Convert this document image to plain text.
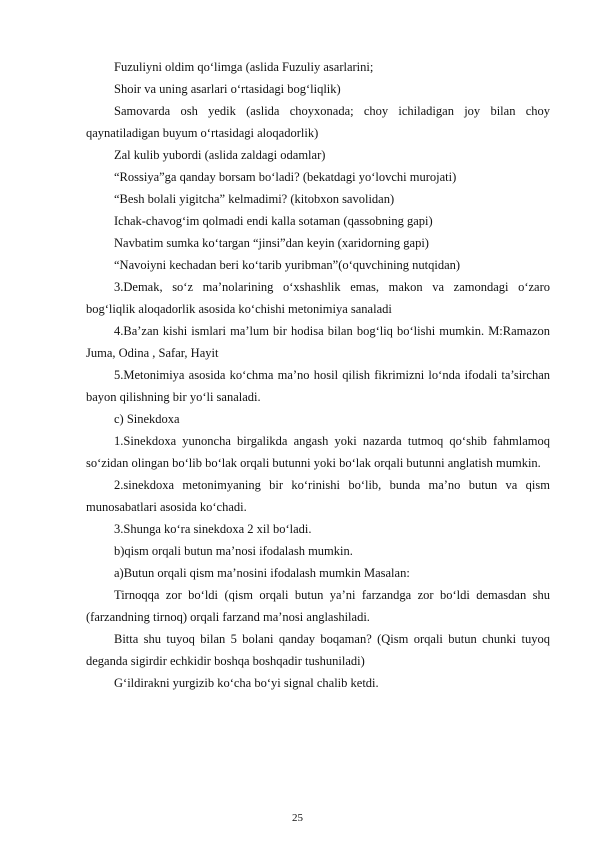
Fuzuliyni oldim qo‘limga (aslida Fuzuliy asarlarini;

Shoir va uning asarlari o‘rtasidagi bog‘liqlik)

Samovarda osh yedik (aslida choyxonada; choy ichiladigan joy bilan choy qaynatiladigan buyum o‘rtasidagi aloqadorlik)

Zal kulib yubordi (aslida zaldagi odamlar)

“Rossiya”ga qanday borsam bo‘ladi? (bekatdagi yo‘lovchi murojati)

“Besh bolali yigitcha” kelmadimi? (kitobxon savolidan)

Ichak-chavog‘im qolmadi endi kalla sotaman (qassobning gapi)

Navbatim sumka ko‘targan “jinsi”dan keyin (xaridorning gapi)

“Navoiyni kechadan beri ko‘tarib yuribman”(o‘quvchining nutqidan)

3.Demak, so‘z ma’nolarining o‘xshashlik emas, makon va zamondagi o‘zaro bog‘liqlik aloqadorlik asosida ko‘chishi metonimiya sanaladi

4.Ba’zan kishi ismlari ma’lum bir hodisa bilan bog‘liq bo‘lishi mumkin. M:Ramazon Juma, Odina , Safar, Hayit

5.Metonimiya asosida ko‘chma ma’no hosil qilish fikrimizni lo‘nda ifodali ta’sirchan bayon qilishning bir yo‘li sanaladi.

c) Sinekdoxa

1.Sinekdoxa yunoncha birgalikda angash yoki nazarda tutmoq qo‘shib fahmlamoq so‘zidan olingan bo‘lib bo‘lak orqali butunni yoki bo‘lak orqali butunni anglatish mumkin.

2.sinekdoxa metonimyaning bir ko‘rinishi bo‘lib, bunda ma’no butun va qism munosabatlari asosida ko‘chadi.

3.Shunga ko‘ra sinekdoxa 2 xil bo‘ladi.

b)qism orqali butun ma’nosi ifodalash mumkin.

a)Butun orqali qism ma’nosini ifodalash mumkin Masalan:

Tirnoqqa zor bo‘ldi (qism orqali butun ya’ni farzandga zor bo‘ldi demasdan shu (farzandning tirnoq) orqali farzand ma’nosi anglashiladi.

Bitta shu tuyoq bilan 5 bolani qanday boqaman? (Qism orqali butun chunki tuyoq deganda sigirdir echkidir boshqa boshqadir tushuniladi)

G‘ildirakni yurgizib ko‘cha bo‘yi signal chalib ketdi.

25
